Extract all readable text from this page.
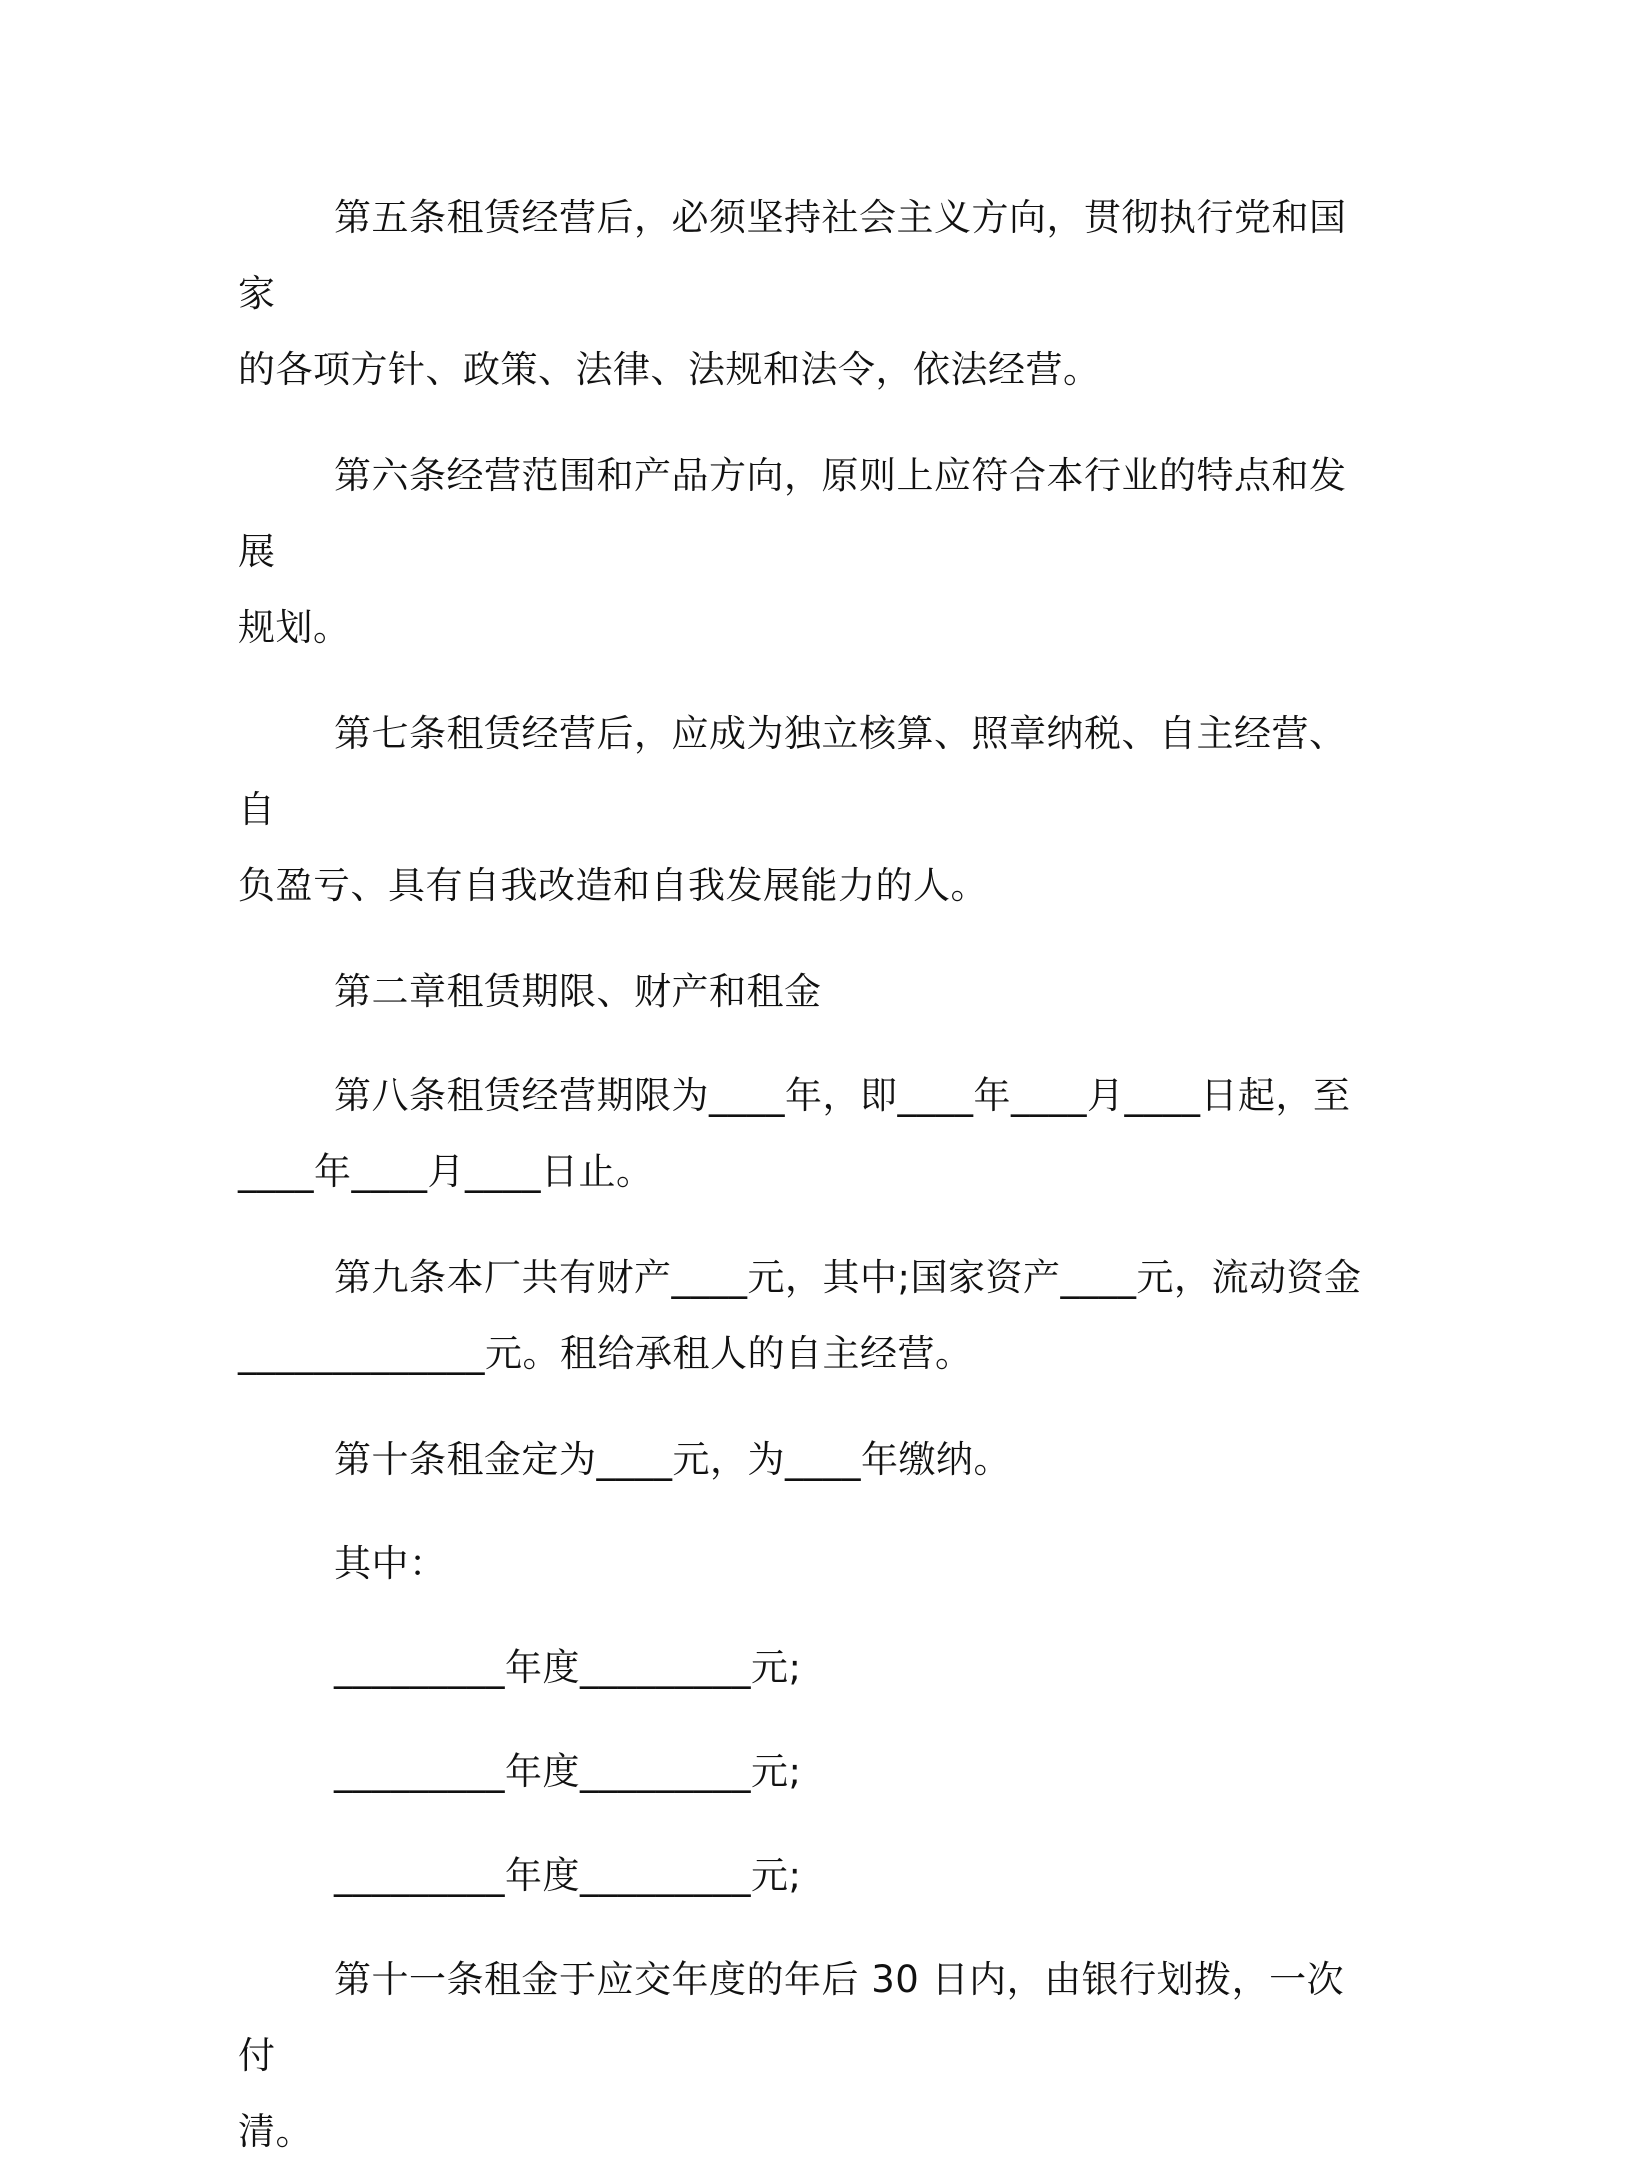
第五条租赁经营后，必须坚持社会主义方向，贯彻执行党和国家
的各项方针、政策、法律、法规和法令，依法经营。

第六条经营范围和产品方向，原则上应符合本行业的特点和发展
规划。

第七条租赁经营后，应成为独立核算、照章纳税、自主经营、自
负盈亏、具有自我改造和自我发展能力的人。

第二章租赁期限、财产和租金

第八条租赁经营期限为____年，即____年____月____日起，至
____年____月____日止。

第九条本厂共有财产____元，其中;国家资产____元，流动资金
_____________元。租给承租人的自主经营。

第十条租金定为____元，为____年缴纳。

其中：

_________年度_________元;

_________年度_________元;

_________年度_________元;

第十一条租金于应交年度的年后 30 日内，由银行划拨，一次付
清。
